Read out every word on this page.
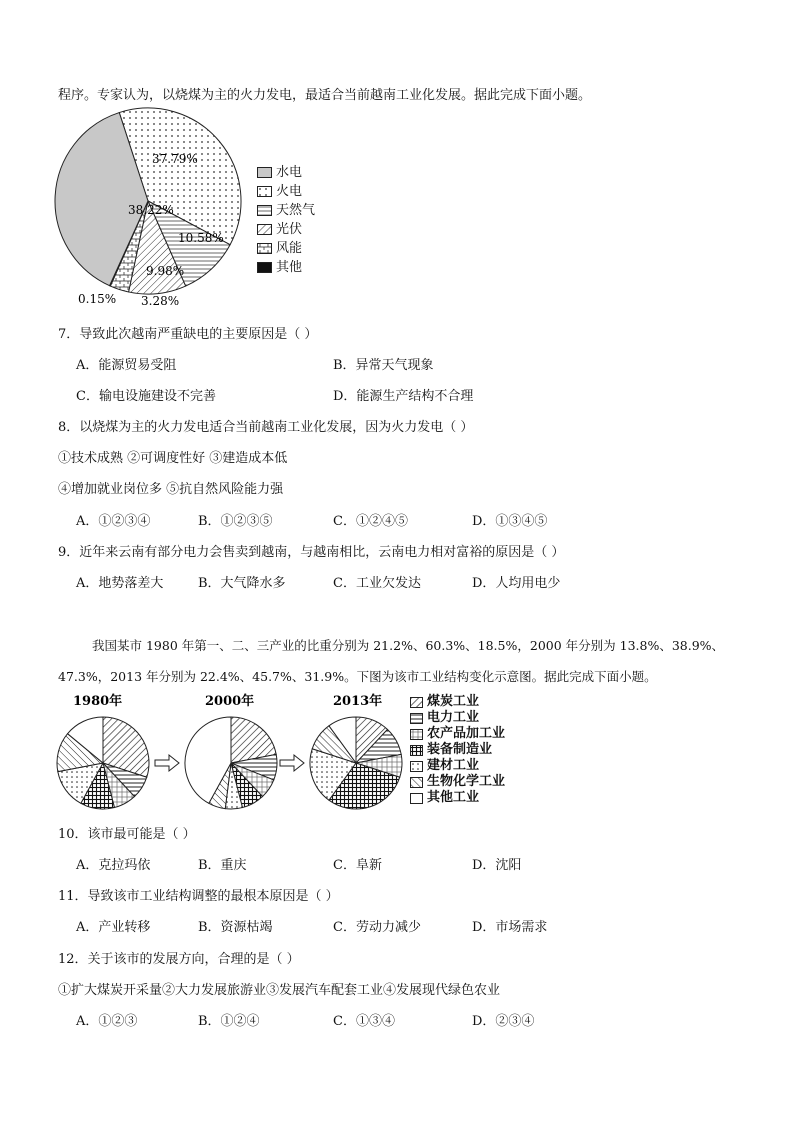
程序。专家认为，以烧煤为主的火力发电，最适合当前越南工业化发展。据此完成下面小题。
38.22%
37.79%
10.58%
9.98%
3.28%
0.15%
水电
火电
天然气
光伏
风能
其他
7．导致此次越南严重缺电的主要原因是（ ）
A．能源贸易受阻	B．异常天气现象
C．输电设施建设不完善	D．能源生产结构不合理
8．以烧煤为主的火力发电适合当前越南工业化发展，因为火力发电（ ）
①技术成熟 ②可调度性好 ③建造成本低
④增加就业岗位多 ⑤抗自然风险能力强
A．①②③④	B．①②③⑤	C．①②④⑤	D．①③④⑤
9．近年来云南有部分电力会售卖到越南，与越南相比，云南电力相对富裕的原因是（ ）
A．地势落差大	B．大气降水多	C．工业欠发达	D．人均用电少
我国某市 1980 年第一、二、三产业的比重分别为 21.2%、60.3%、18.5%，2000 年分别为 13.8%、38.9%、
47.3%，2013 年分别为 22.4%、45.7%、31.9%。下图为该市工业结构变化示意图。据此完成下面小题。
1980年	2000年	2013年	煤炭工业
电力工业
农产品加工业
装备制造业
建材工业
生物化学工业
其他工业
10．该市最可能是（ ）
A．克拉玛依	B．重庆	C．阜新	D．沈阳
11．导致该市工业结构调整的最根本原因是（ ）
A．产业转移	B．资源枯竭	C．劳动力减少	D．市场需求
12．关于该市的发展方向，合理的是（ ）
①扩大煤炭开采量②大力发展旅游业③发展汽车配套工业④发展现代绿色农业
A．①②③	B．①②④	C．①③④	D．②③④
